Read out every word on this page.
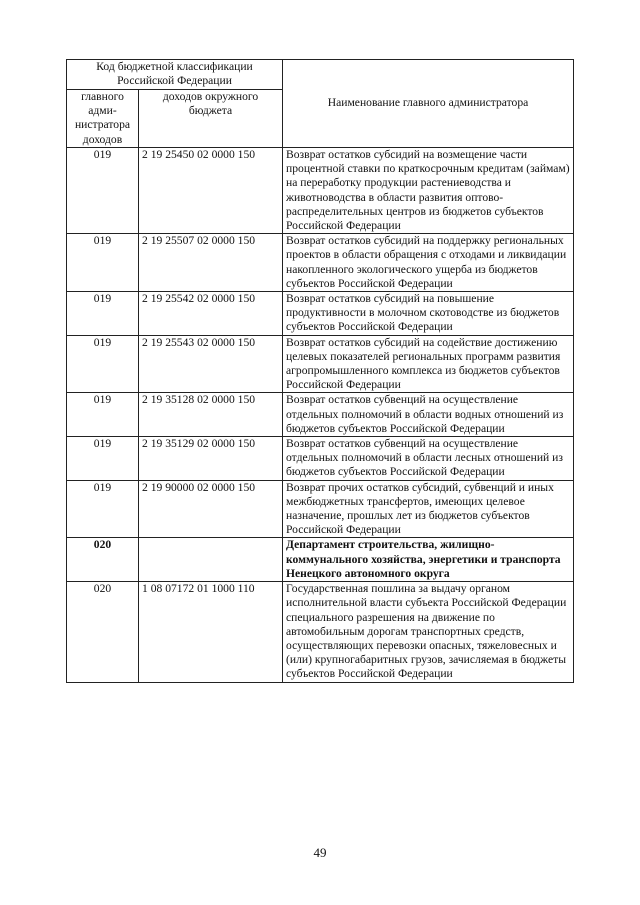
Код бюджетной классификации Российской Федерации		Наименование главного администратора
главного адми-нистратора доходов	доходов окружного бюджета	
019	2 19 25450 02 0000 150	Возврат остатков субсидий на возмещение части процентной ставки по краткосрочным кредитам (займам) на переработку продукции растениеводства и животноводства в области развития оптово-распределительных центров из бюджетов субъектов Российской Федерации
019	2 19 25507 02 0000 150	Возврат остатков субсидий на поддержку региональных проектов в области обращения с отходами и ликвидации накопленного экологического ущерба из бюджетов субъектов Российской Федерации
019	2 19 25542 02 0000 150	Возврат остатков субсидий на повышение продуктивности в молочном скотоводстве из бюджетов субъектов Российской Федерации
019	2 19 25543 02 0000 150	Возврат остатков субсидий на содействие достижению целевых показателей региональных программ развития агропромышленного комплекса из бюджетов субъектов Российской Федерации
019	2 19 35128 02 0000 150	Возврат остатков субвенций на осуществление отдельных полномочий в области водных отношений из бюджетов субъектов Российской Федерации
019	2 19 35129 02 0000 150	Возврат остатков субвенций на осуществление отдельных полномочий в области лесных отношений из бюджетов субъектов Российской Федерации
019	2 19 90000 02 0000 150	Возврат прочих остатков субсидий, субвенций и иных межбюджетных трансфертов, имеющих целевое назначение, прошлых лет из бюджетов субъектов Российской Федерации
020		Департамент строительства, жилищно-коммунального хозяйства, энергетики и транспорта Ненецкого автономного округа
020	1 08 07172 01 1000 110	Государственная пошлина за выдачу органом исполнительной власти субъекта Российской Федерации специального разрешения на движение по автомобильным дорогам транспортных средств, осуществляющих перевозки опасных, тяжеловесных и (или) крупногабаритных грузов, зачисляемая в бюджеты субъектов Российской Федерации
49
